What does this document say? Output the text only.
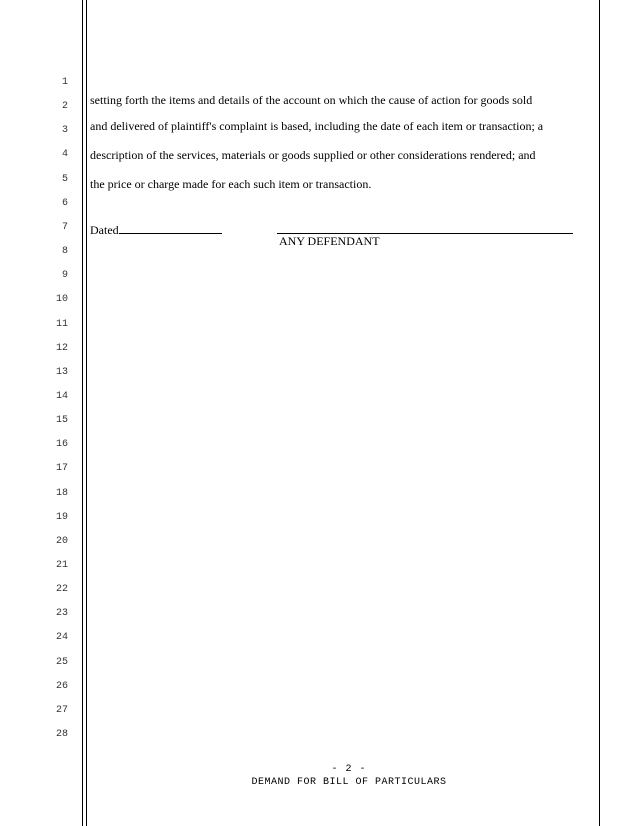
1
2
3
4
5
6
7
8
9
10
11
12
13
14
15
16
17
18
19
20
21
22
23
24
25
26
27
28
setting forth the items and details of the account on which the cause of action for goods sold
and delivered of plaintiff's complaint is based, including the date of each item or transaction; a
description of the services, materials or goods supplied or other considerations rendered; and
the price or charge made for each such item or transaction.
Dated
ANY DEFENDANT
- 2 -
DEMAND FOR BILL OF PARTICULARS
